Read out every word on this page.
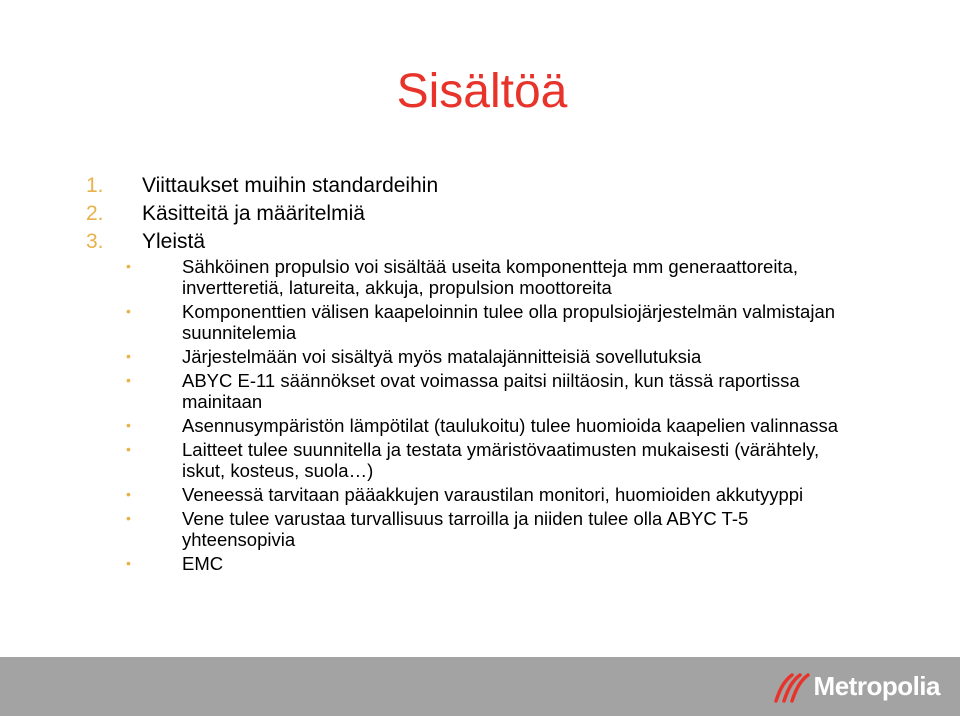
Sisältöä
1.	Viittaukset muihin standardeihin
2.	Käsitteitä ja määritelmiä
3.	Yleistä
•	Sähköinen propulsio voi sisältää useita komponentteja mm generaattoreita, invertteretiä, latureita, akkuja, propulsion moottoreita
•	Komponenttien välisen kaapeloinnin tulee olla propulsiojärjestelmän valmistajan suunnitelemia
•	Järjestelmään voi sisältyä myös matalajännitteisiä sovellutuksia
•	ABYC E-11 säännökset ovat voimassa paitsi niiltäosin, kun tässä raportissa mainitaan
•	Asennusympäristön lämpötilat (taulukoitu) tulee huomioida kaapelien valinnassa
•	Laitteet tulee suunnitella ja testata ymäristövaatimusten mukaisesti (värähtely, iskut, kosteus, suola…)
•	Veneessä tarvitaan pääakkujen varaustilan monitori, huomioiden akkutyyppi
•	Vene tulee varustaa turvallisuus tarroilla ja niiden tulee olla ABYC T-5 yhteensopivia
•	EMC
Metropolia
